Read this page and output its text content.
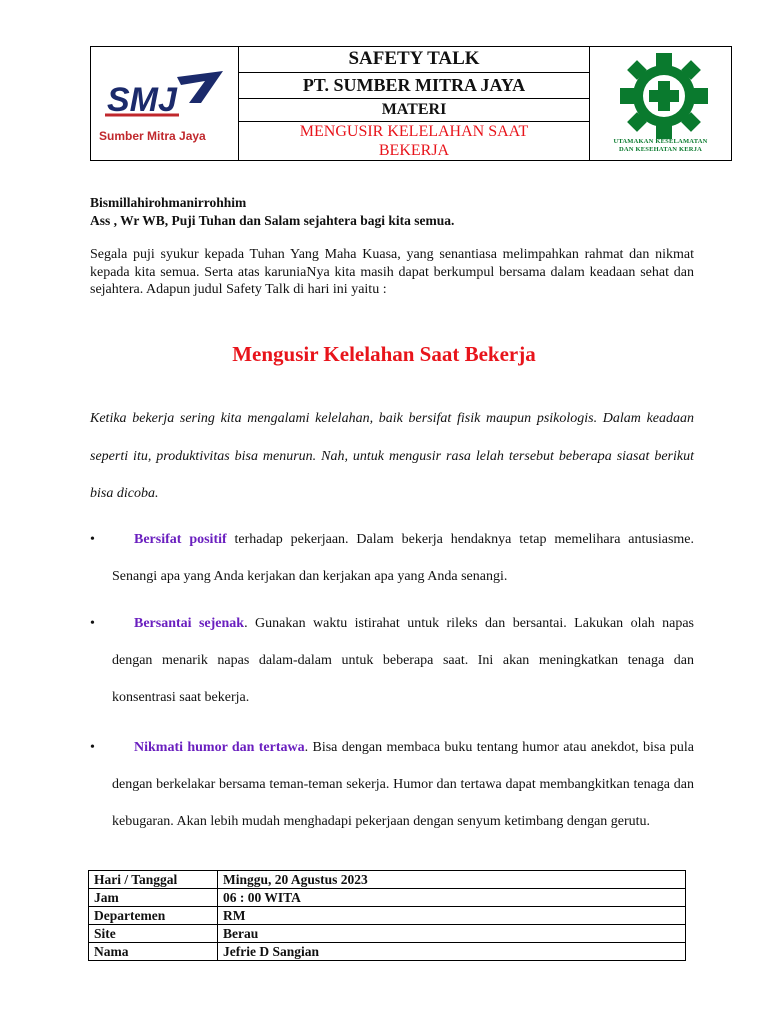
SMJ
Sumber Mitra Jaya
SAFETY TALK
PT. SUMBER MITRA JAYA
MATERI
MENGUSIR KELELAHAN SAAT
BEKERJA
UTAMAKAN KESELAMATAN
DAN KESEHATAN KERJA
Bismillahirohmanirrohhim
Ass , Wr WB, Puji Tuhan dan Salam sejahtera bagi kita semua.
Segala puji syukur kepada Tuhan Yang Maha Kuasa, yang senantiasa melimpahkan rahmat dan nikmat kepada kita semua. Serta atas karuniaNya kita masih dapat berkumpul bersama dalam keadaan sehat dan sejahtera. Adapun judul Safety Talk di hari ini yaitu :
Mengusir Kelelahan Saat Bekerja
Ketika bekerja sering kita mengalami kelelahan, baik bersifat fisik maupun psikologis. Dalam keadaan seperti itu, produktivitas bisa menurun. Nah, untuk mengusir rasa lelah tersebut beberapa siasat berikut bisa dicoba.
•	Bersifat positif terhadap pekerjaan. Dalam bekerja hendaknya tetap memelihara antusiasme. Senangi apa yang Anda kerjakan dan kerjakan apa yang Anda senangi.
•	Bersantai sejenak. Gunakan waktu istirahat untuk rileks dan bersantai. Lakukan olah napas dengan menarik napas dalam-dalam untuk beberapa saat. Ini akan meningkatkan tenaga dan konsentrasi saat bekerja.
•	Nikmati humor dan tertawa. Bisa dengan membaca buku tentang humor atau anekdot, bisa pula dengan berkelakar bersama teman-teman sekerja. Humor dan tertawa dapat membangkitkan tenaga dan kebugaran. Akan lebih mudah menghadapi pekerjaan dengan senyum ketimbang dengan gerutu.
Hari / Tanggal	Minggu, 20 Agustus 2023
Jam	06 : 00 WITA
Departemen	RM
Site	Berau
Nama	Jefrie D Sangian
